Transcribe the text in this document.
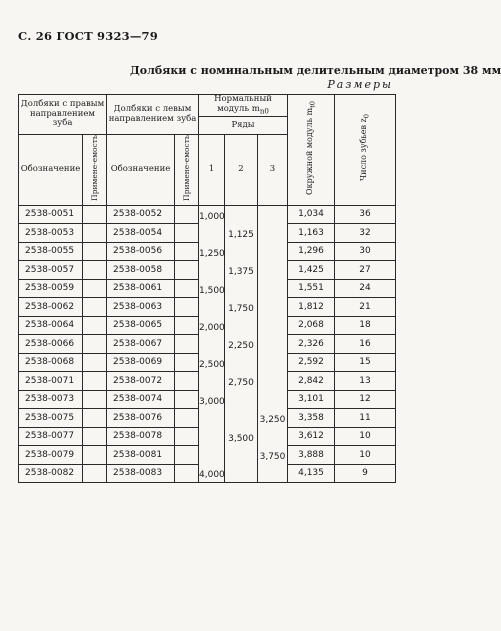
С. 26 ГОСТ 9323—79
Долбяки с номинальным делительным диаметром 38 мм
Размеры
Долбяки с правым направлением зуба		Долбяки с левым направлением зуба		Нормальный модуль $m_{n0}$			Окружной модуль $m_{t0}$	Число зубьев $z_0$
				Ряды				
Обозначение	Примене-емость	Обозначение	Примене-емость	1	2	3		
2538-0051		2538-0052		1,000			1,034	36
2538-0053		2538-0054			1,125		1,163	32
2538-0055		2538-0056		1,250			1,296	30
2538-0057		2538-0058			1,375		1,425	27
2538-0059		2538-0061		1,500			1,551	24
2538-0062		2538-0063			1,750		1,812	21
2538-0064		2538-0065		2,000			2,068	18
2538-0066		2538-0067			2,250		2,326	16
2538-0068		2538-0069		2,500			2,592	15
2538-0071		2538-0072			2,750		2,842	13
2538-0073		2538-0074		3,000			3,101	12
2538-0075		2538-0076				3,250	3,358	11
2538-0077		2538-0078			3,500		3,612	10
2538-0079		2538-0081				3,750	3,888	10
2538-0082		2538-0083		4,000			4,135	9
